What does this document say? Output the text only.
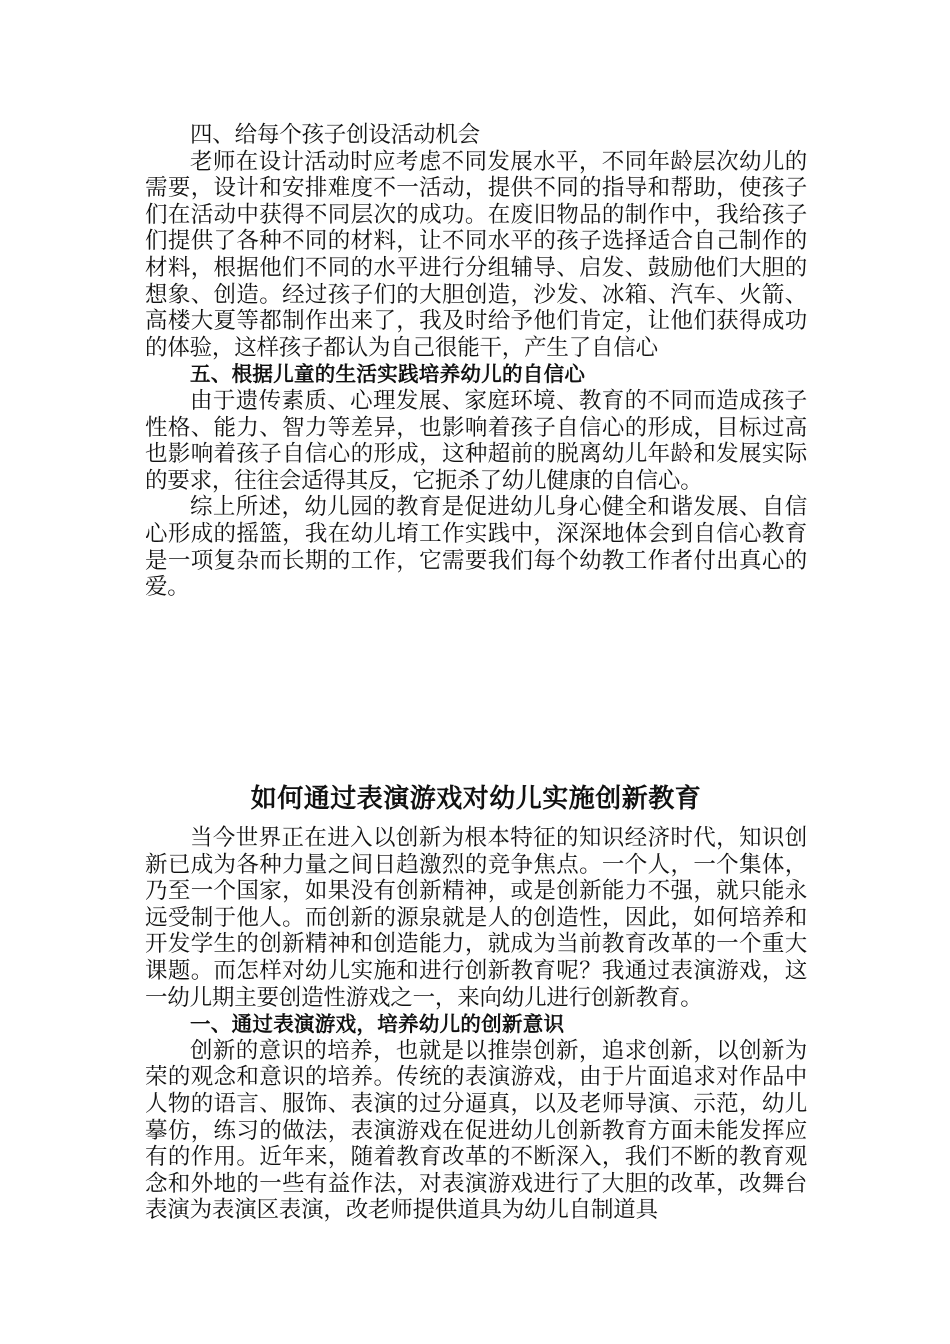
四、给每个孩子创设活动机会

老师在设计活动时应考虑不同发展水平，不同年龄层次幼儿的需要，设计和安排难度不一活动，提供不同的指导和帮助，使孩子们在活动中获得不同层次的成功。在废旧物品的制作中，我给孩子们提供了各种不同的材料，让不同水平的孩子选择适合自己制作的材料，根据他们不同的水平进行分组辅导、启发、鼓励他们大胆的想象、创造。经过孩子们的大胆创造，沙发、冰箱、汽车、火箭、高楼大夏等都制作出来了，我及时给予他们肯定，让他们获得成功的体验，这样孩子都认为自己很能干，产生了自信心

五、根据儿童的生活实践培养幼儿的自信心

由于遗传素质、心理发展、家庭环境、教育的不同而造成孩子性格、能力、智力等差异，也影响着孩子自信心的形成，目标过高也影响着孩子自信心的形成，这种超前的脱离幼儿年龄和发展实际的要求，往往会适得其反，它扼杀了幼儿健康的自信心。

综上所述，幼儿园的教育是促进幼儿身心健全和谐发展、自信心形成的摇篮，我在幼儿堉工作实践中，深深地体会到自信心教育是一项复杂而长期的工作，它需要我们每个幼教工作者付出真心的爱。

如何通过表演游戏对幼儿实施创新教育

当今世界正在进入以创新为根本特征的知识经济时代，知识创新已成为各种力量之间日趋激烈的竞争焦点。一个人，一个集体，乃至一个国家，如果没有创新精神，或是创新能力不强，就只能永远受制于他人。而创新的源泉就是人的创造性，因此，如何培养和开发学生的创新精神和创造能力，就成为当前教育改革的一个重大课题。而怎样对幼儿实施和进行创新教育呢？我通过表演游戏，这一幼儿期主要创造性游戏之一，来向幼儿进行创新教育。

一、通过表演游戏，培养幼儿的创新意识

创新的意识的培养，也就是以推崇创新，追求创新，以创新为荣的观念和意识的培养。传统的表演游戏，由于片面追求对作品中人物的语言、服饰、表演的过分逼真，以及老师导演、示范，幼儿摹仿，练习的做法，表演游戏在促进幼儿创新教育方面未能发挥应有的作用。近年来，随着教育改革的不断深入，我们不断的教育观念和外地的一些有益作法，对表演游戏进行了大胆的改革，改舞台表演为表演区表演，改老师提供道具为幼儿自制道具
